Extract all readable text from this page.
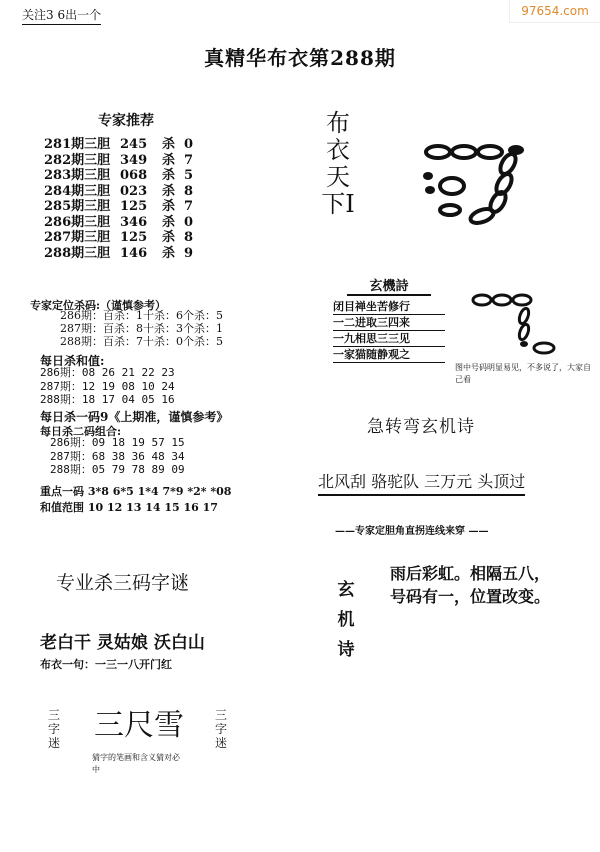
关注3 6出一个	97654.com
真精华布衣第288期
专家推荐
281期三胆 245	杀 0
282期三胆 349	杀 7
283期三胆 068	杀 5
284期三胆 023	杀 8
285期三胆 125	杀 7
286期三胆 346	杀 0
287期三胆 125	杀 8
288期三胆 146	杀 9
专家定位杀码:（谨慎参考）
286期：百杀：1十杀：6个杀：5
287期：百杀：8十杀：3个杀：1
288期：百杀：7十杀：0个杀：5
每日杀和值:
286期：08 26 21 22 23
287期：12 19 08 10 24
288期：18 17 04 05 16
每日杀一码9《上期准，谨慎参考》
每日杀二码组合:
286期：09 18 19 57 15
287期：68 38 36 48 34
288期：05 79 78 89 09
重点一码 3*8 6*5 1*4 7*9 *2* *08
和值范围 10 12 13 14 15 16 17
专业杀三码字谜
老白干 灵姑娘 沃白山
布衣一句：一三一八开门红
三字迷 三尺雪	三字迷
猜字的笔画和含义猜对必中
布衣天下I
玄機詩
闭目禅坐苦修行
一二进取三四来
一九相思三三见
一家猫随静观之
图中号码明显易见，不多说了，大家自己看
急转弯玄机诗
北风刮 骆驼队 三万元 头顶过
——专家定胆角直拐连线来穿 ——
玄机诗
雨后彩虹。相隔五八，
号码有一，位置改变。
